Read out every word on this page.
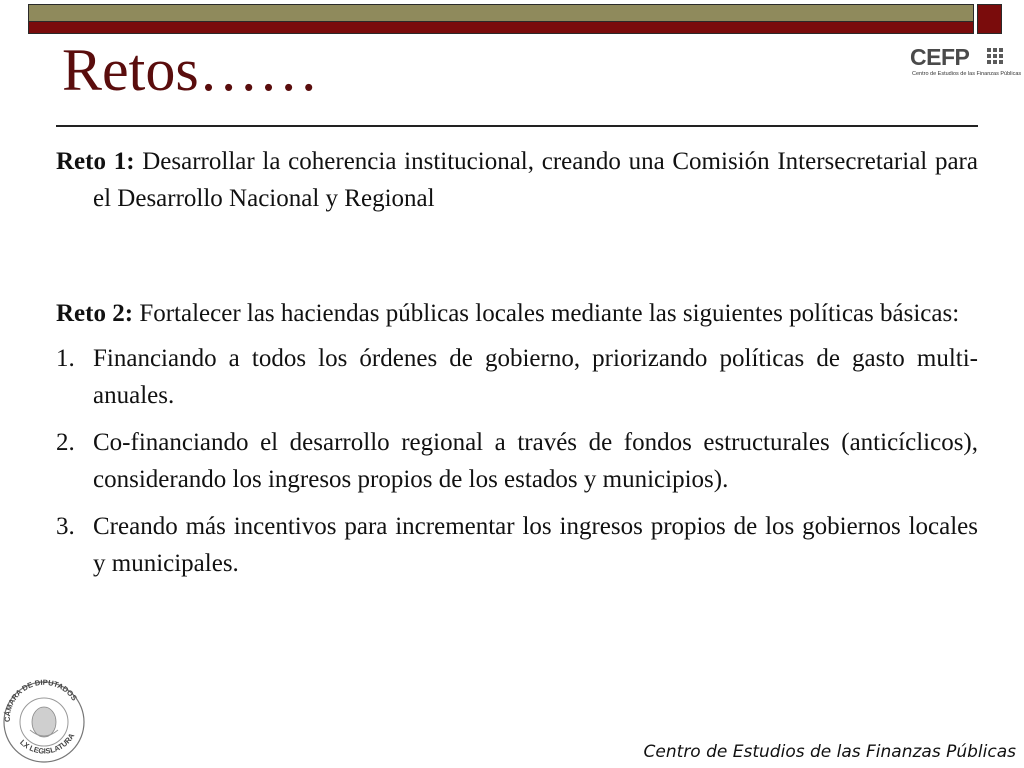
Retos……	CEFP
Centro de Estudios de las Finanzas Públicas

Reto 1: Desarrollar la coherencia institucional, creando una Comisión Intersecretarial para el Desarrollo Nacional y Regional

Reto 2: Fortalecer las haciendas públicas locales mediante las siguientes políticas básicas:

1. Financiando a todos los órdenes de gobierno, priorizando políticas de gasto multi-anuales.
2. Co-financiando el desarrollo regional a través de fondos estructurales (anticíclicos), considerando los ingresos propios de los estados y municipios).
3. Creando más incentivos para incrementar los ingresos propios de los gobiernos locales y municipales.
CÁMARA DE DIPUTADOS
LX LEGISLATURA
Centro de Estudios de las Finanzas Públicas
